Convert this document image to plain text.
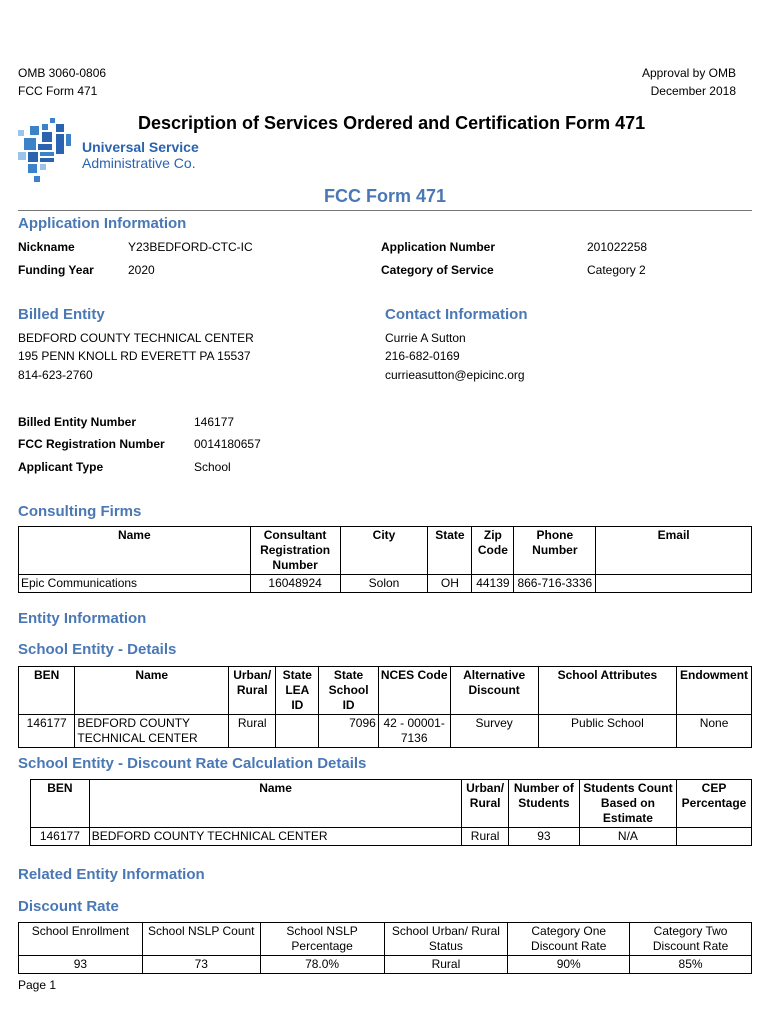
OMB 3060-0806
FCC Form 471
Approval by OMB
December 2018
Universal Service
Administrative Co.
Description of Services Ordered and Certification Form 471
FCC Form 471
Application Information
Nickname	Y23BEDFORD-CTC-IC
Funding Year	2020
Application Number	201022258
Category of Service	Category 2
Billed Entity
BEDFORD COUNTY TECHNICAL CENTER
195 PENN KNOLL RD EVERETT PA 15537
814-623-2760
Contact Information
Currie A Sutton
216-682-0169
currieasutton@epicinc.org
Billed Entity Number	146177
FCC Registration Number 0014180657
Applicant Type	School
Consulting Firms
Name	Consultant Registration Number	City	State	Zip Code	Phone Number	Email
Epic Communications	16048924	Solon	OH	44139	866-716-3336	
Entity Information
School Entity - Details
BEN	Name	Urban/ Rural	State LEA ID	State School ID	NCES Code	Alternative Discount	School Attributes	Endowment
146177	BEDFORD COUNTY TECHNICAL CENTER	Rural		7096	42 - 00001-7136	Survey	Public School	None
School Entity - Discount Rate Calculation Details
BEN	Name	Urban/ Rural	Number of Students	Students Count Based on Estimate	CEP Percentage
146177	BEDFORD COUNTY TECHNICAL CENTER	Rural	93	N/A	
Related Entity Information
Discount Rate
School Enrollment	School NSLP Count	School NSLP Percentage	School Urban/ Rural Status	Category One Discount Rate	Category Two Discount Rate
93	73	78.0%	Rural	90%	85%
Page 1
